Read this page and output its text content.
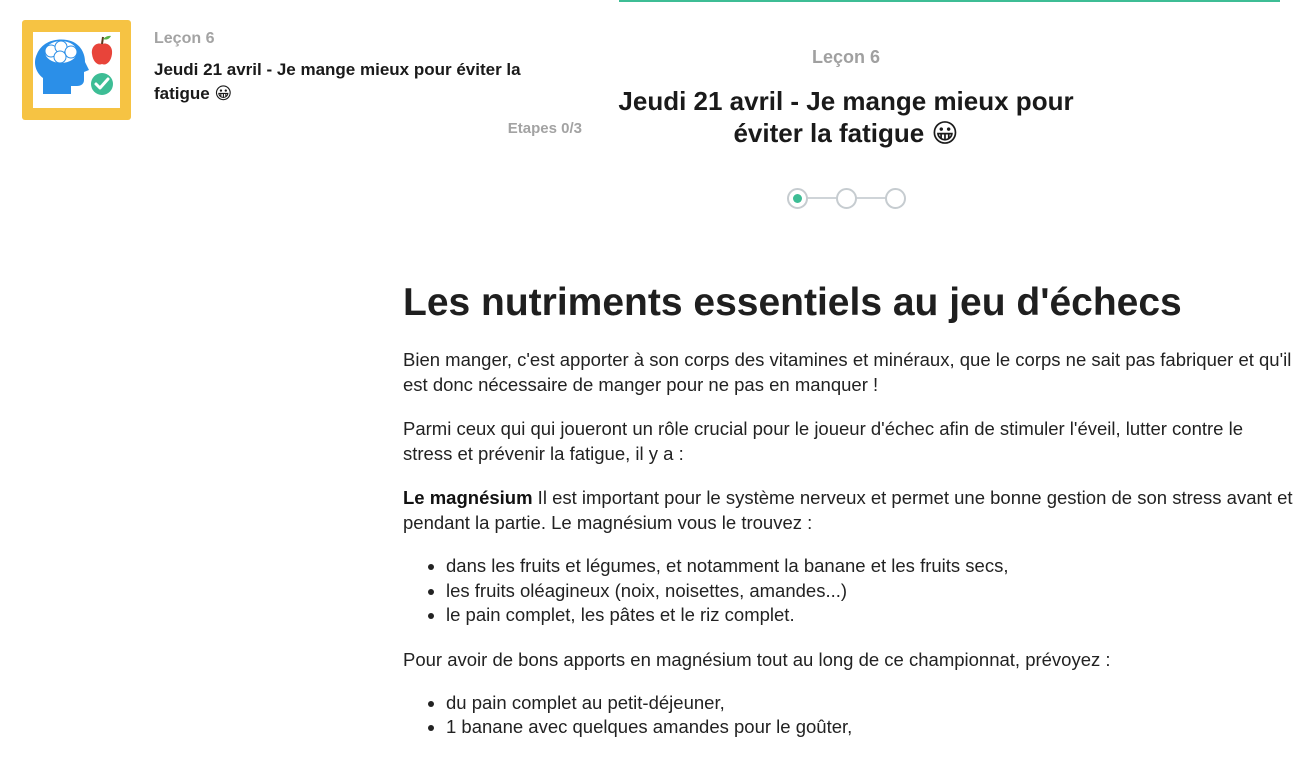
Leçon 6
Jeudi 21 avril - Je mange mieux pour éviter la fatigue 😀
Etapes 0/3
Leçon 6
Jeudi 21 avril - Je mange mieux pour éviter la fatigue 😀
Les nutriments essentiels au jeu d'échecs

Bien manger, c'est apporter à son corps des vitamines et minéraux, que le corps ne sait pas fabriquer et qu'il est donc nécessaire de manger pour ne pas en manquer !

Parmi ceux qui qui joueront un rôle crucial pour le joueur d'échec afin de stimuler l'éveil, lutter contre le stress et prévenir la fatigue, il y a :

Le magnésium Il est important pour le système nerveux et permet une bonne gestion de son stress avant et pendant la partie. Le magnésium vous le trouvez :

• dans les fruits et légumes, et notamment la banane et les fruits secs,
• les fruits oléagineux (noix, noisettes, amandes...)
• le pain complet, les pâtes et le riz complet.

Pour avoir de bons apports en magnésium tout au long de ce championnat, prévoyez :

• du pain complet au petit-déjeuner,
• 1 banane avec quelques amandes pour le goûter,
